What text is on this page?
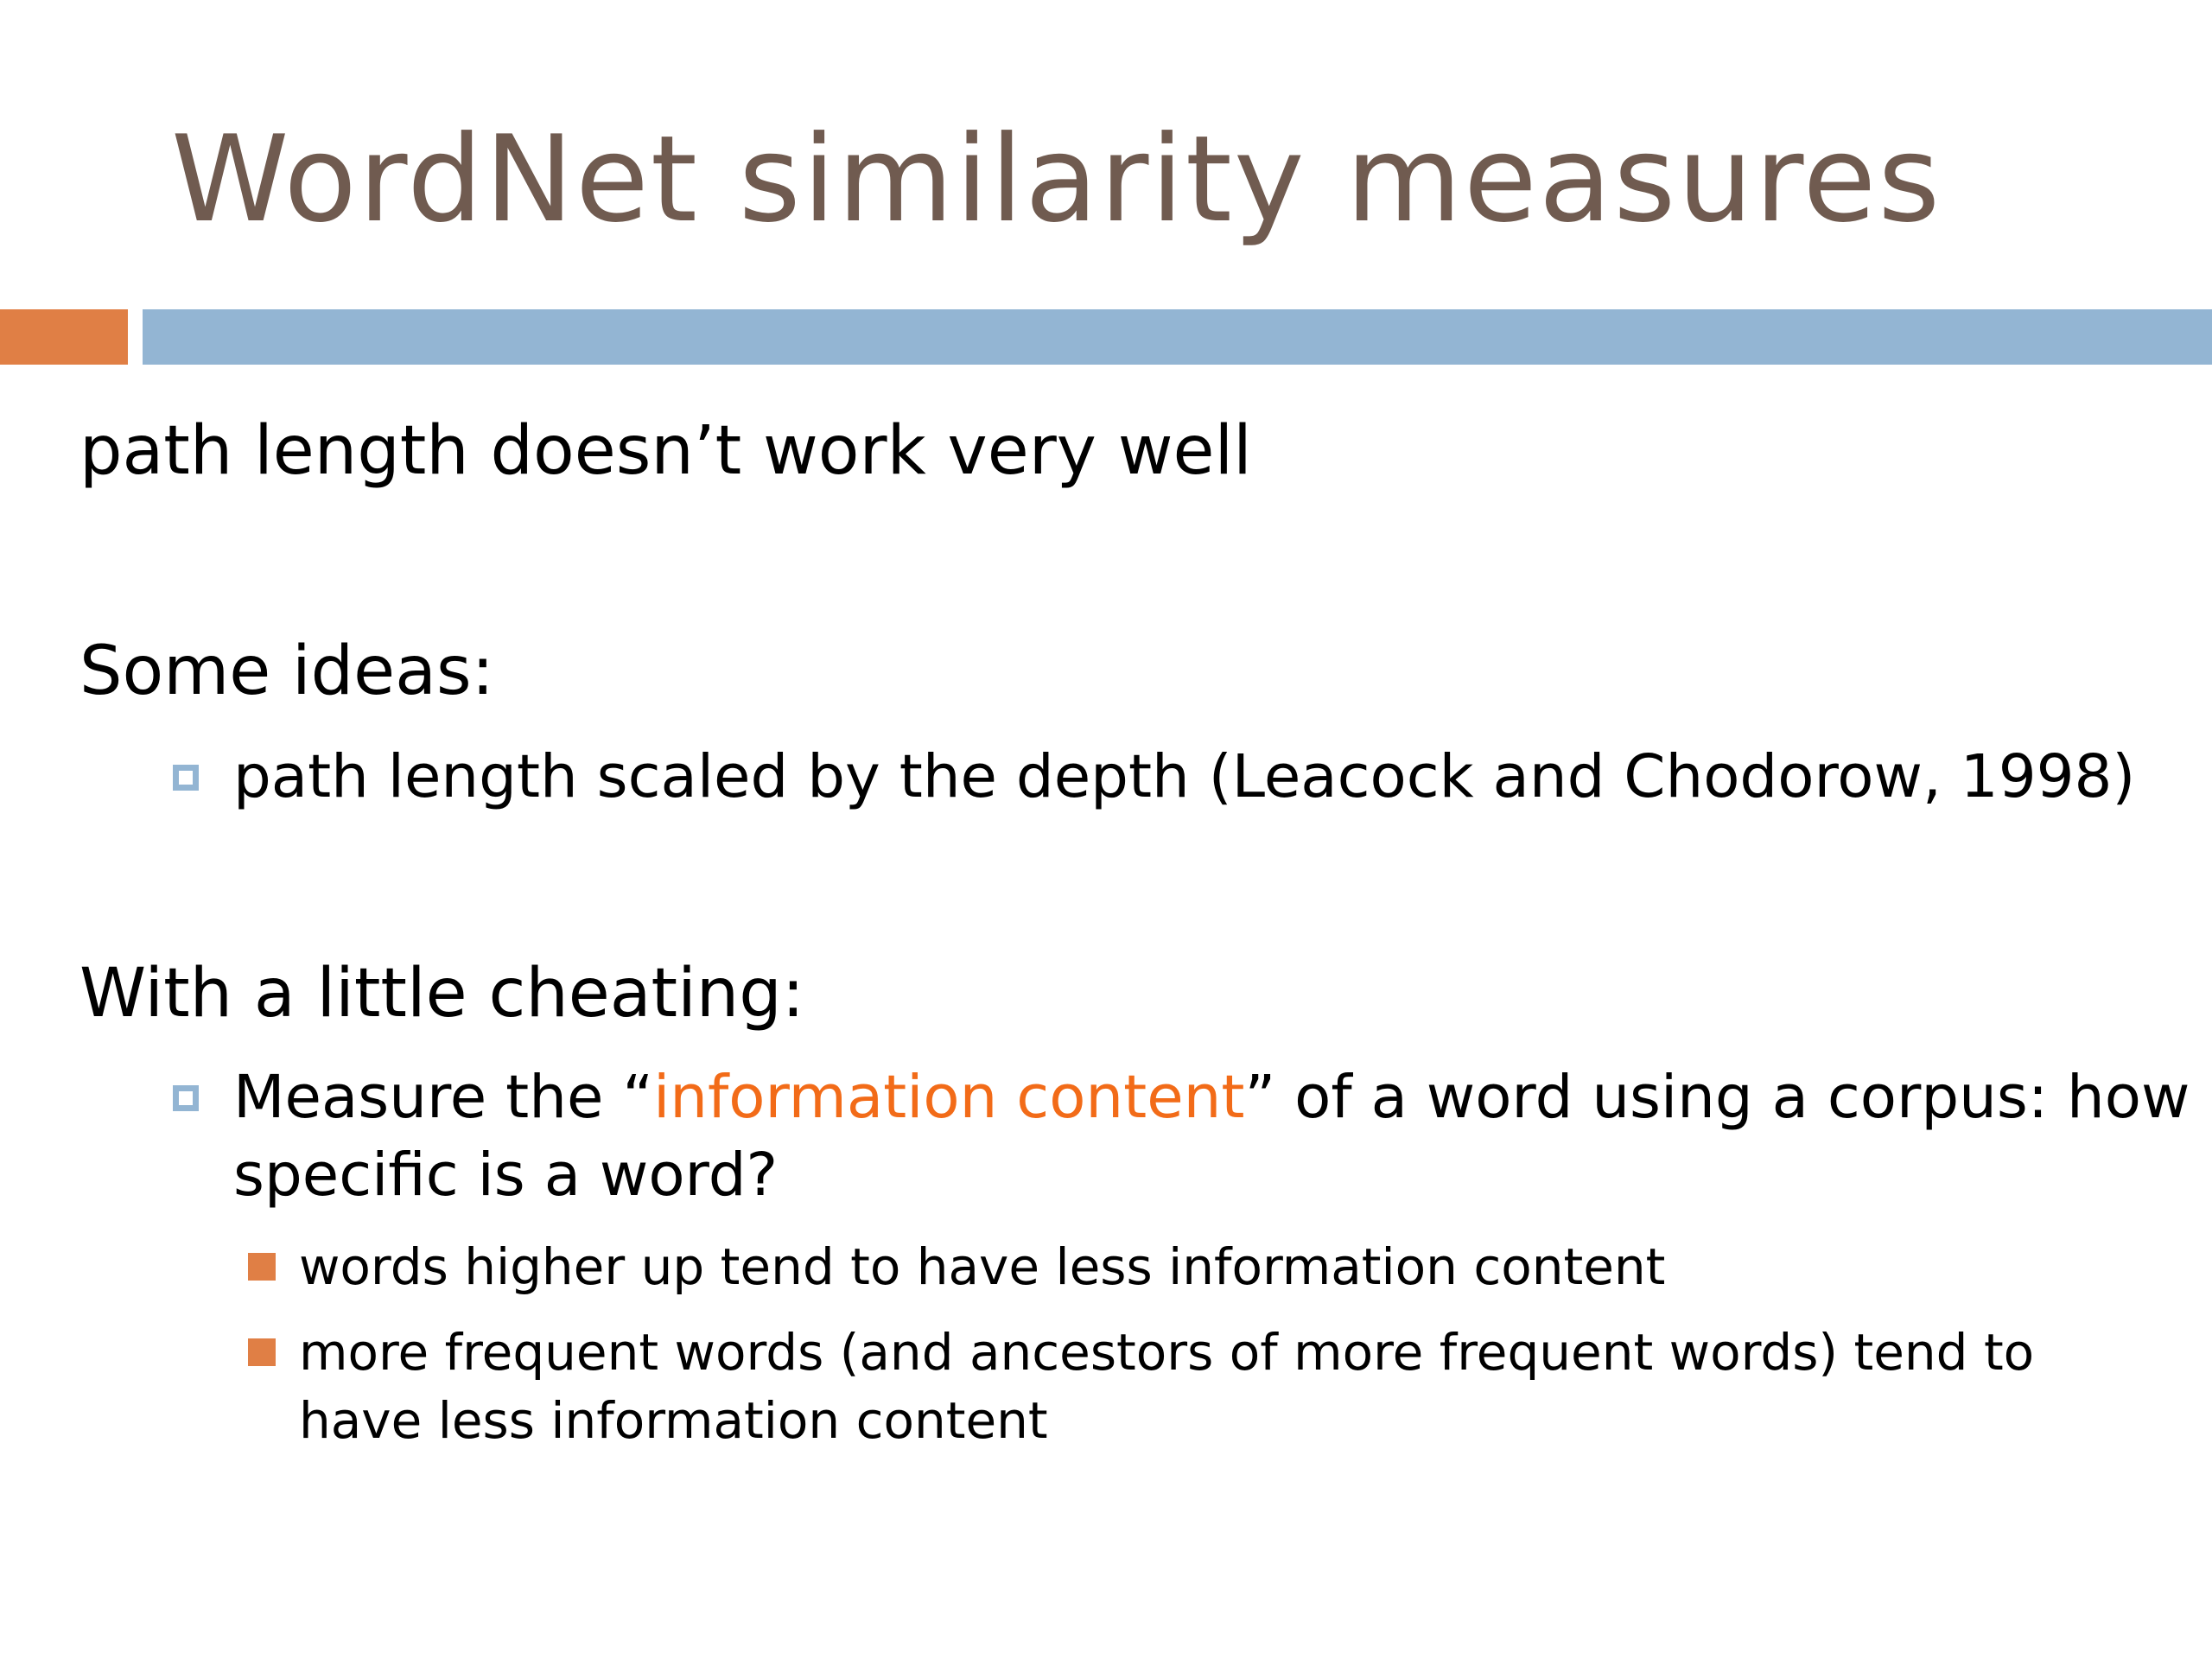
WordNet similarity measures
path length doesn’t work very well
Some ideas:
path length scaled by the depth (Leacock and Chodorow, 1998)
With a little cheating:
Measure the “information content” of a word using a corpus: how
specific is a word?
words higher up tend to have less information content
more frequent words (and ancestors of more frequent words) tend to
have less information content
